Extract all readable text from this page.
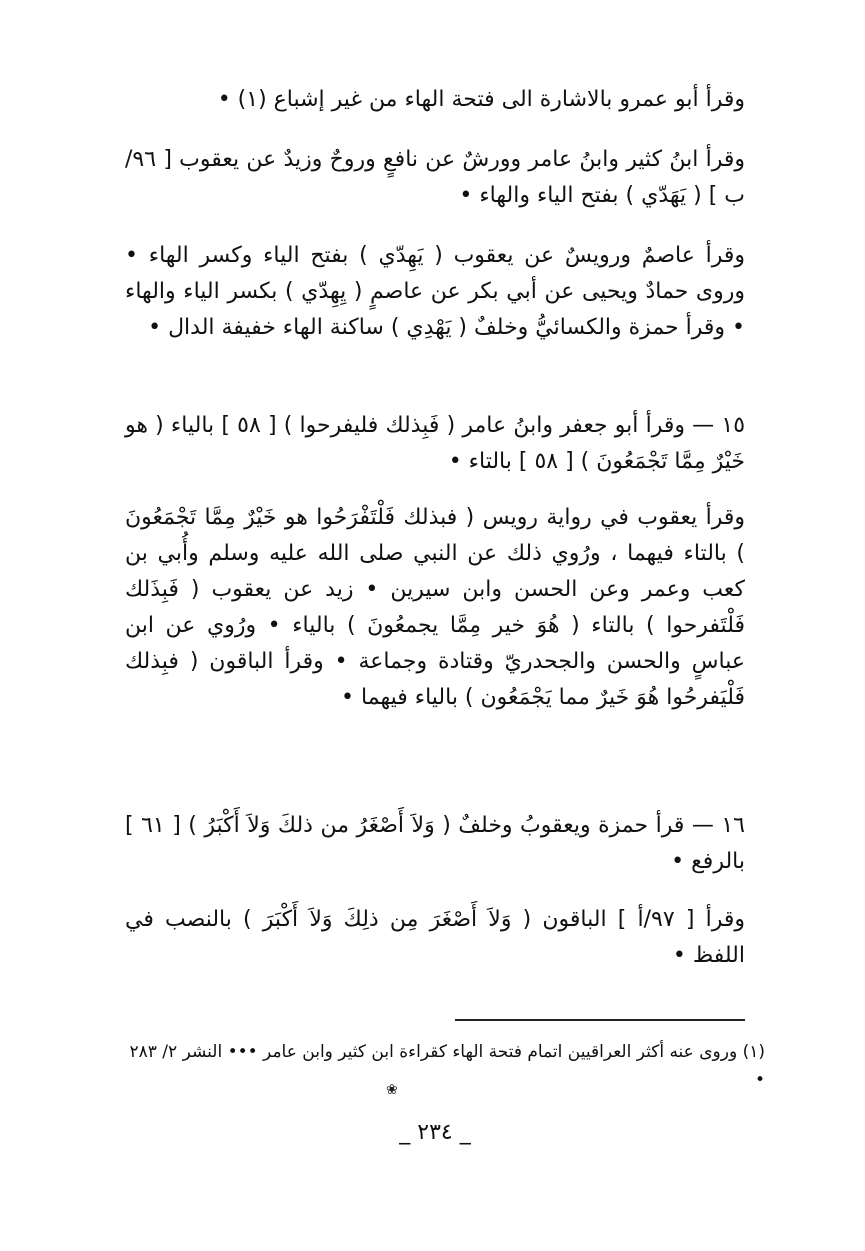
وقرأ أبو عمرو بالاشارة الى فتحة الهاء من غير إشباع (١) •

وقرأ ابنُ كثير وابنُ عامر وورشٌ عن نافعٍ وروحٌ وزيدٌ عن يعقوب [ ٩٦/ب ] ( يَهَدّي ) بفتح الياء والهاء •

وقرأ عاصمٌ ورويسٌ عن يعقوب ( يَهِدّي ) بفتح الياء وكسر الهاء • وروى حمادٌ ويحيى عن أبي بكر عن عاصمٍ ( يِهِدّي ) بكسر الياء والهاء • وقرأ حمزة والكسائيُّ وخلفٌ ( يَهْدِي ) ساكنة الهاء خفيفة الدال •

١٥ — وقرأ أبو جعفر وابنُ عامر ( فَبِذلك فليفرحوا ) [ ٥٨ ] بالياء ( هو خَيْرٌ مِمَّا تَجْمَعُونَ ) [ ٥٨ ] بالتاء •

وقرأ يعقوب في رواية رويس ( فبذلك فَلْتَفْرَحُوا هو خَيْرٌ مِمَّا تَجْمَعُونَ ) بالتاء فيهما ، ورُوي ذلك عن النبي صلى الله عليه وسلم وأُبي بن كعب وعمر وعن الحسن وابن سيرين • زيد عن يعقوب ( فَبِذَلك فَلْتَفرحوا ) بالتاء ( هُوَ خير مِمَّا يجمعُونَ ) بالياء • ورُوي عن ابن عباسٍ والحسن والجحدريّ وقتادة وجماعة • وقرأ الباقون ( فبِذلك فَلْيَفرحُوا هُوَ خَيرٌ مما يَجْمَعُون ) بالياء فيهما •

١٦ — قرأ حمزة ويعقوبُ وخلفٌ ( وَلاَ أَصْغَرُ من ذلكَ وَلاَ أَكْبَرُ ) [ ٦١ ] بالرفع •

وقرأ [ ٩٧/أ ] الباقون ( وَلاَ أَصْغَرَ مِن ذلِكَ وَلاَ أَكْبَرَ ) بالنصب في اللفظ •

(١) وروى عنه أكثر العراقيين اتمام فتحة الهاء كقراءة ابن كثير وابن عامر ••• النشر ٢/ ٢٨٣ •
❀
_ ٢٣٤ _
